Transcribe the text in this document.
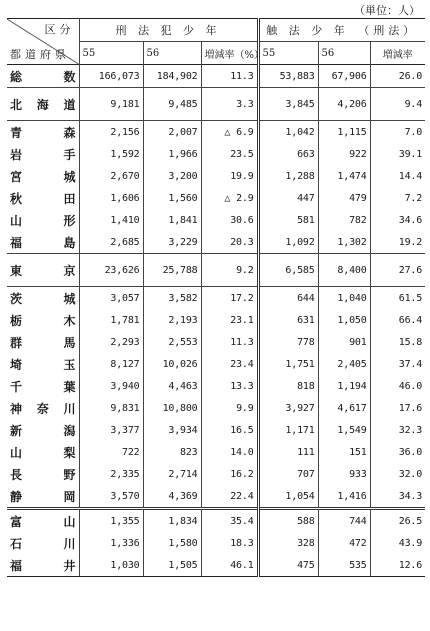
（単位：人）
区分
都道府県	刑 法 犯 少 年			触 法 少 年　（刑法）		
	55	56	増減率（%）	55	56	増減率

総 数	166,073	184,902	11.3	53,883	67,906	26.0

北 海 道	9,181	9,485	3.3	3,845	4,206	9.4

青 森	2,156	2,007	△ 6.9	1,042	1,115	7.0

岩 手	1,592	1,966	23.5	663	922	39.1

宮 城	2,670	3,200	19.9	1,288	1,474	14.4

秋 田	1,606	1,560	△ 2.9	447	479	7.2

山 形	1,410	1,841	30.6	581	782	34.6

福 島	2,685	3,229	20.3	1,092	1,302	19.2

東 京	23,626	25,788	9.2	6,585	8,400	27.6

茨 城	3,057	3,582	17.2	644	1,040	61.5

栃 木	1,781	2,193	23.1	631	1,050	66.4

群 馬	2,293	2,553	11.3	778	901	15.8

埼 玉	8,127	10,026	23.4	1,751	2,405	37.4

千 葉	3,940	4,463	13.3	818	1,194	46.0

神 奈 川	9,831	10,800	9.9	3,927	4,617	17.6

新 潟	3,377	3,934	16.5	1,171	1,549	32.3

山 梨	722	823	14.0	111	151	36.0

長 野	2,335	2,714	16.2	707	933	32.0

静 岡	3,570	4,369	22.4	1,054	1,416	34.3

富 山	1,355	1,834	35.4	588	744	26.5

石 川	1,336	1,580	18.3	328	472	43.9

福 井	1,030	1,505	46.1	475	535	12.6
